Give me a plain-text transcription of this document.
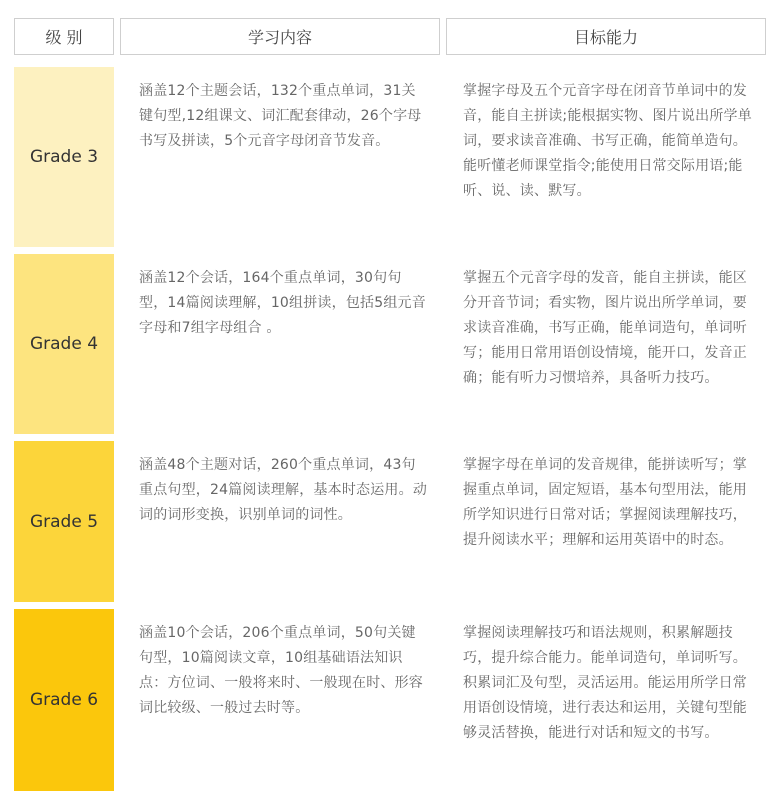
级 别	学习内容	目标能力
Grade 3
涵盖12个主题会话，132个重点单词，31关键句型,12组课文、词汇配套律动，26个字母书写及拼读，5个元音字母闭音节发音。
掌握字母及五个元音字母在闭音节单词中的发音，能自主拼读;能根据实物、图片说出所学单词，要求读音准确、书写正确，能简单造句。能听懂老师课堂指令;能使用日常交际用语;能听、说、读、默写。
Grade 4
涵盖12个会话，164个重点单词，30句句型，14篇阅读理解，10组拼读，包括5组元音字母和7组字母组合 。
掌握五个元音字母的发音，能自主拼读，能区分开音节词；看实物，图片说出所学单词，要求读音准确，书写正确，能单词造句，单词听写；能用日常用语创设情境，能开口，发音正确；能有听力习惯培养，具备听力技巧。
Grade 5
涵盖48个主题对话，260个重点单词，43句重点句型，24篇阅读理解，基本时态运用。动词的词形变换，识别单词的词性。
掌握字母在单词的发音规律，能拼读听写；掌握重点单词，固定短语，基本句型用法，能用所学知识进行日常对话；掌握阅读理解技巧，提升阅读水平；理解和运用英语中的时态。
Grade 6
涵盖10个会话，206个重点单词，50句关键句型，10篇阅读文章，10组基础语法知识点：方位词、一般将来时、一般现在时、形容词比较级、一般过去时等。
掌握阅读理解技巧和语法规则，积累解题技巧，提升综合能力。能单词造句，单词听写。积累词汇及句型，灵活运用。能运用所学日常用语创设情境，进行表达和运用，关键句型能够灵活替换，能进行对话和短文的书写。
